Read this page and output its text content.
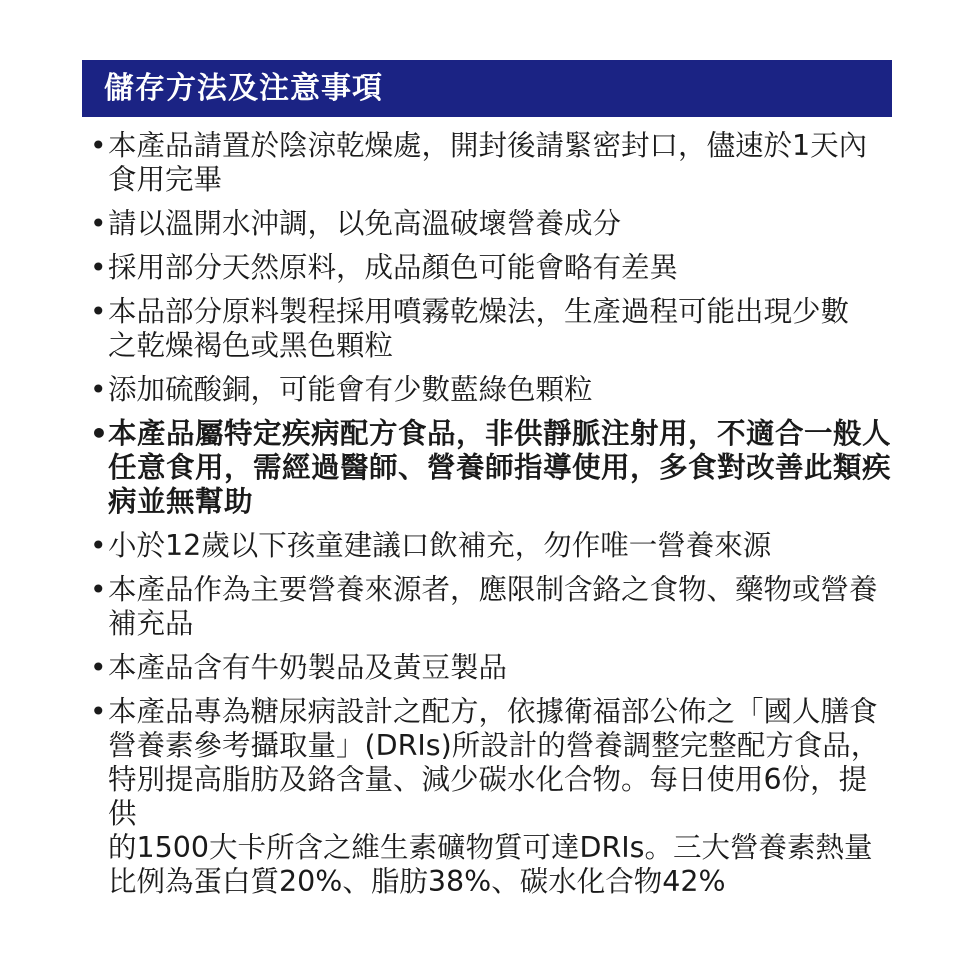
儲存方法及注意事項
• 本產品請置於陰涼乾燥處，開封後請緊密封口，儘速於1天內
食用完畢
• 請以溫開水沖調，以免高溫破壞營養成分
• 採用部分天然原料，成品顏色可能會略有差異
• 本品部分原料製程採用噴霧乾燥法，生產過程可能出現少數
之乾燥褐色或黑色顆粒
• 添加硫酸銅，可能會有少數藍綠色顆粒
• 本產品屬特定疾病配方食品，非供靜脈注射用，不適合一般人
任意食用，需經過醫師、營養師指導使用，多食對改善此類疾
病並無幫助
• 小於12歲以下孩童建議口飲補充，勿作唯一營養來源
• 本產品作為主要營養來源者，應限制含鉻之食物、藥物或營養
補充品
• 本產品含有牛奶製品及黃豆製品
• 本產品專為糖尿病設計之配方，依據衛福部公佈之「國人膳食
營養素參考攝取量」(DRIs)所設計的營養調整完整配方食品，
特別提高脂肪及鉻含量、減少碳水化合物。每日使用6份，提供
的1500大卡所含之維生素礦物質可達DRIs。三大營養素熱量
比例為蛋白質20%、脂肪38%、碳水化合物42%
